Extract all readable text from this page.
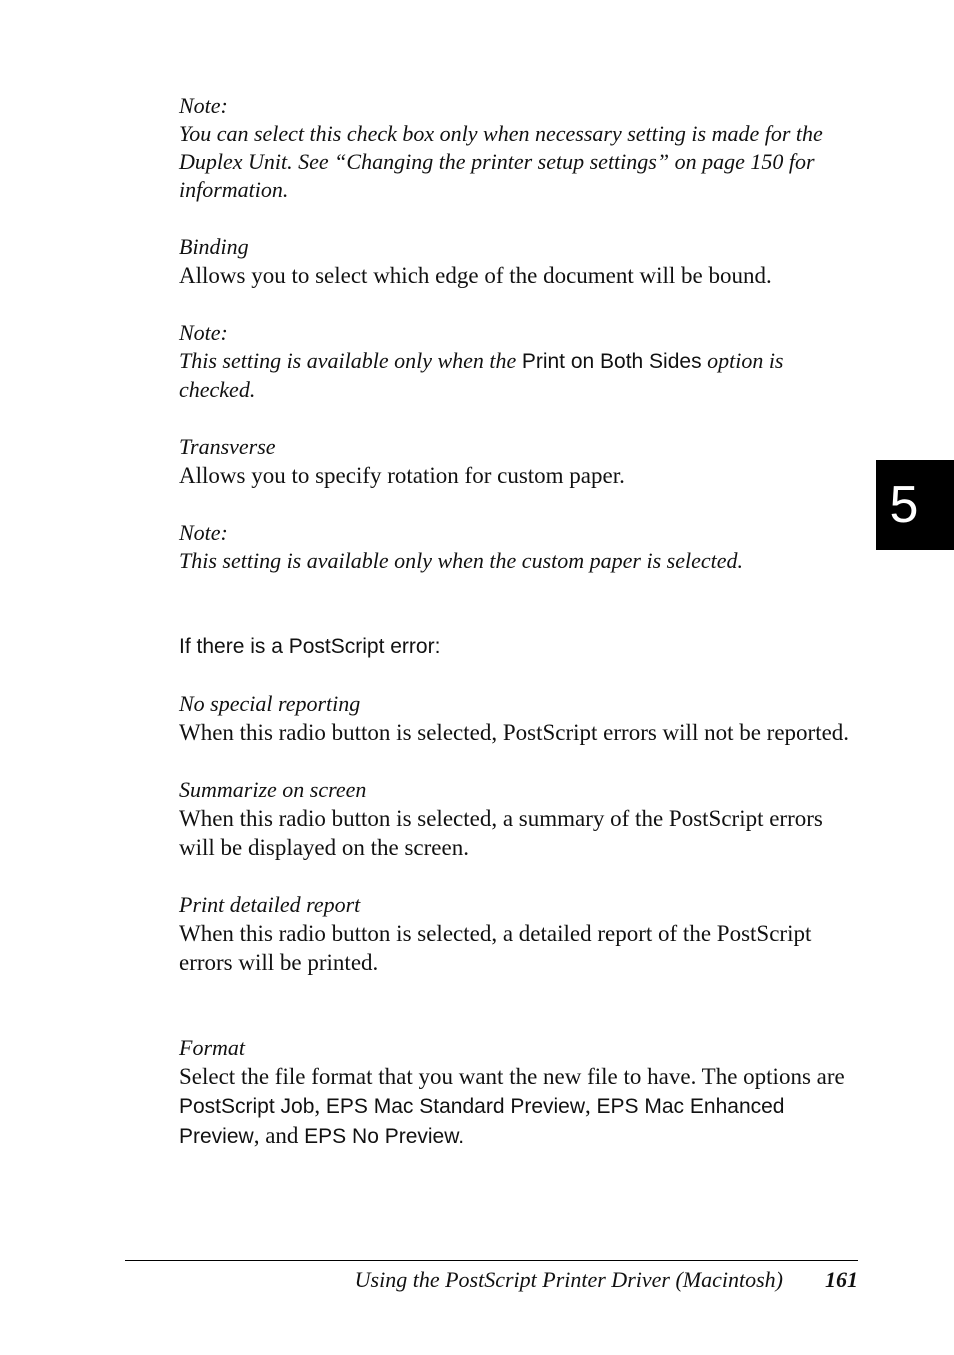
Note:
You can select this check box only when necessary setting is made for the Duplex Unit. See “Changing the printer setup settings” on page 150 for information.
Binding
Allows you to select which edge of the document will be bound.
Note:
This setting is available only when the Print on Both Sides option is checked.
Transverse
Allows you to specify rotation for custom paper.
Note:
This setting is available only when the custom paper is selected.
If there is a PostScript error:
No special reporting
When this radio button is selected, PostScript errors will not be reported.
Summarize on screen
When this radio button is selected, a summary of the PostScript errors will be displayed on the screen.
Print detailed report
When this radio button is selected, a detailed report of the PostScript errors will be printed.
Format
Select the file format that you want the new file to have. The options are PostScript Job, EPS Mac Standard Preview, EPS Mac Enhanced Preview, and EPS No Preview.
5
Using the PostScript Printer Driver (Macintosh) 161
